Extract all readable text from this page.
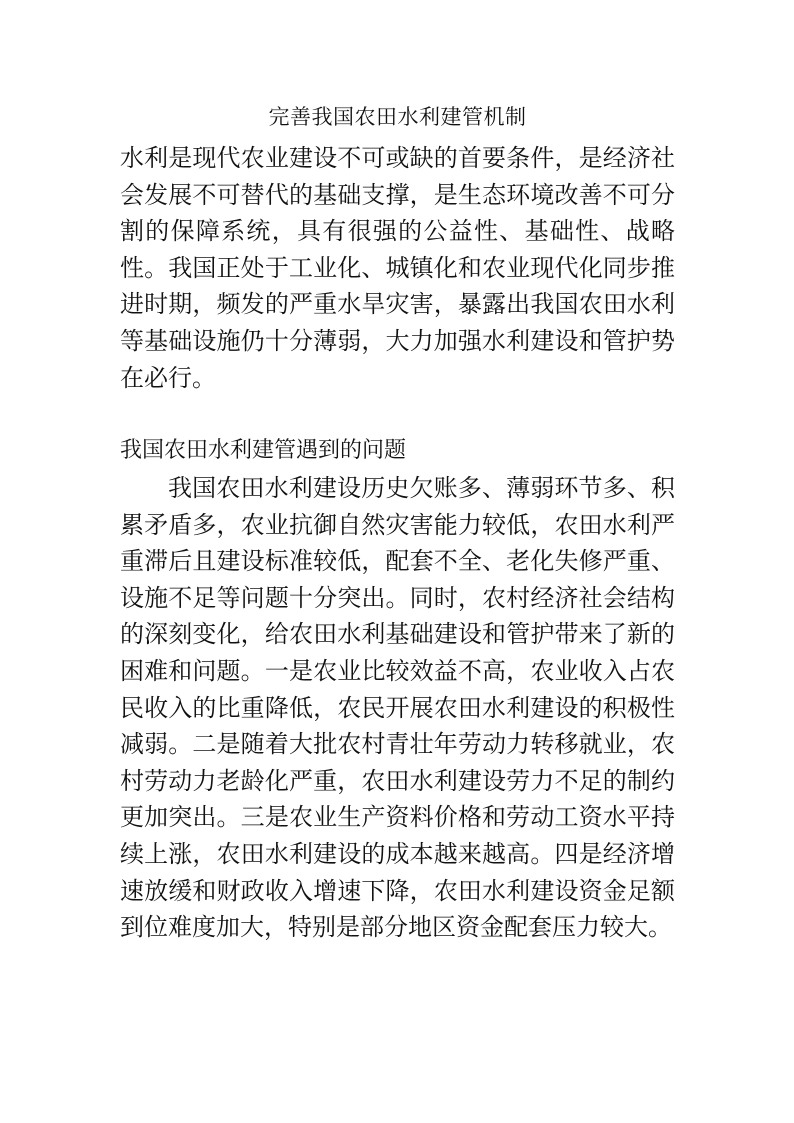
完善我国农田水利建管机制

水利是现代农业建设不可或缺的首要条件，是经济社会发展不可替代的基础支撑，是生态环境改善不可分割的保障系统，具有很强的公益性、基础性、战略性。我国正处于工业化、城镇化和农业现代化同步推进时期，频发的严重水旱灾害，暴露出我国农田水利等基础设施仍十分薄弱，大力加强水利建设和管护势在必行。

我国农田水利建管遇到的问题

我国农田水利建设历史欠账多、薄弱环节多、积累矛盾多，农业抗御自然灾害能力较低，农田水利严重滞后且建设标准较低，配套不全、老化失修严重、设施不足等问题十分突出。同时，农村经济社会结构的深刻变化，给农田水利基础建设和管护带来了新的困难和问题。一是农业比较效益不高，农业收入占农民收入的比重降低，农民开展农田水利建设的积极性减弱。二是随着大批农村青壮年劳动力转移就业，农村劳动力老龄化严重，农田水利建设劳力不足的制约更加突出。三是农业生产资料价格和劳动工资水平持续上涨，农田水利建设的成本越来越高。四是经济增速放缓和财政收入增速下降，农田水利建设资金足额到位难度加大，特别是部分地区资金配套压力较大。
